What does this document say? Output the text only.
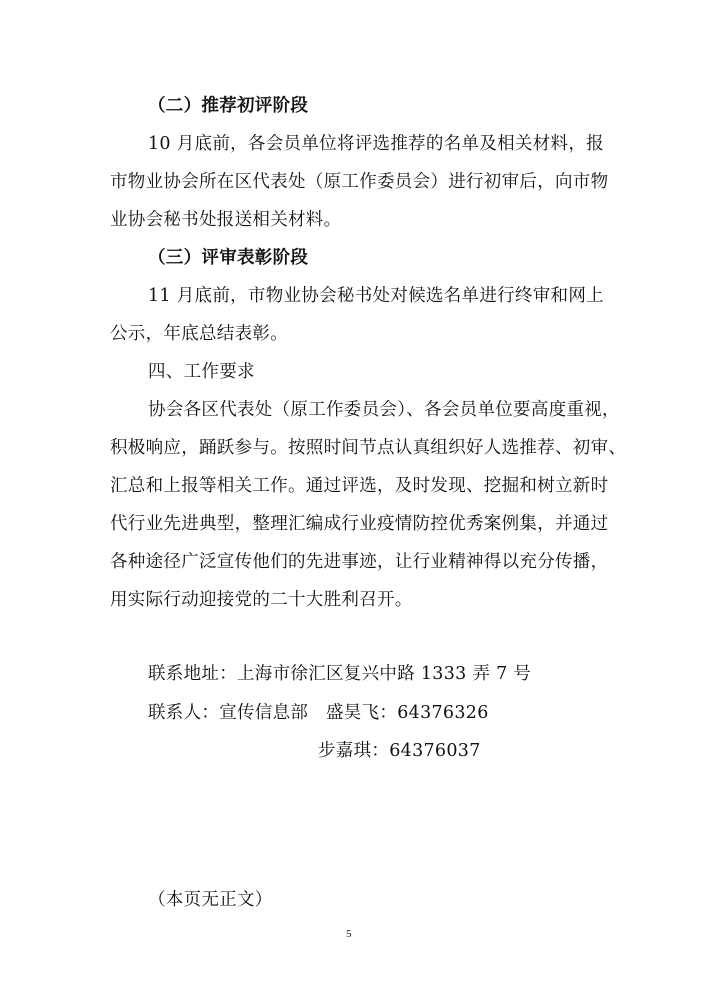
（二）推荐初评阶段
10 月底前，各会员单位将评选推荐的名单及相关材料，报
市物业协会所在区代表处（原工作委员会）进行初审后，向市物
业协会秘书处报送相关材料。
（三）评审表彰阶段
11 月底前，市物业协会秘书处对候选名单进行终审和网上
公示，年底总结表彰。
四、工作要求
协会各区代表处（原工作委员会）、各会员单位要高度重视，
积极响应，踊跃参与。按照时间节点认真组织好人选推荐、初审、
汇总和上报等相关工作。通过评选，及时发现、挖掘和树立新时
代行业先进典型，整理汇编成行业疫情防控优秀案例集，并通过
各种途径广泛宣传他们的先进事迹，让行业精神得以充分传播，
用实际行动迎接党的二十大胜利召开。
联系地址：上海市徐汇区复兴中路 1333 弄 7 号
联系人：宣传信息部　盛昊飞：64376326
步嘉琪：64376037
（本页无正文）
5
